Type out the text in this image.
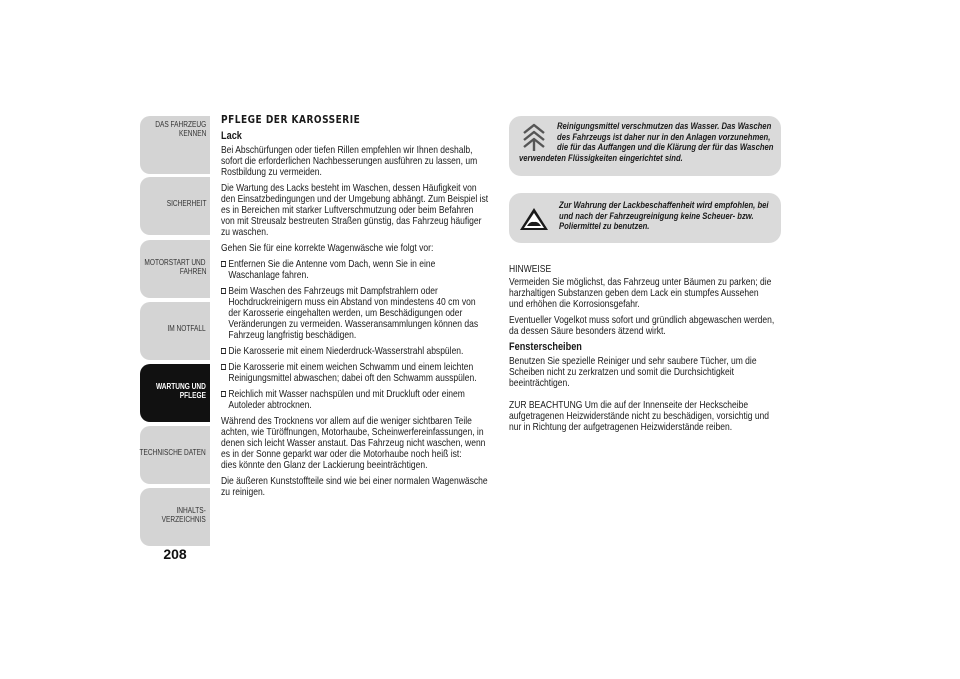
DAS FAHRZEUG
KENNEN
SICHERHEIT
MOTORSTART UND
FAHREN
IM NOTFALL
WARTUNG UND
PFLEGE
TECHNISCHE DATEN
INHALTS-
VERZEICHNIS
208
PFLEGE DER KAROSSERIE
Lack

Bei Abschürfungen oder tiefen Rillen empfehlen wir Ihnen deshalb,
sofort die erforderlichen Nachbesserungen ausführen zu lassen, um
Rostbildung zu vermeiden.

Die Wartung des Lacks besteht im Waschen, dessen Häufigkeit von
den Einsatzbedingungen und der Umgebung abhängt. Zum Beispiel ist
es in Bereichen mit starker Luftverschmutzung oder beim Befahren
von mit Streusalz bestreuten Straßen günstig, das Fahrzeug häufiger
zu waschen.

Gehen Sie für eine korrekte Wagenwäsche wie folgt vor:

Entfernen Sie die Antenne vom Dach, wenn Sie in eine
Waschanlage fahren.
Beim Waschen des Fahrzeugs mit Dampfstrahlern oder
Hochdruckreinigern muss ein Abstand von mindestens 40 cm von
der Karosserie eingehalten werden, um Beschädigungen oder
Veränderungen zu vermeiden. Wasseransammlungen können das
Fahrzeug langfristig beschädigen.
Die Karosserie mit einem Niederdruck-Wasserstrahl abspülen.
Die Karosserie mit einem weichen Schwamm und einem leichten
Reinigungsmittel abwaschen; dabei oft den Schwamm ausspülen.
Reichlich mit Wasser nachspülen und mit Druckluft oder einem
Autoleder abtrocknen.

Während des Trocknens vor allem auf die weniger sichtbaren Teile
achten, wie Türöffnungen, Motorhaube, Scheinwerfereinfassungen, in
denen sich leicht Wasser anstaut. Das Fahrzeug nicht waschen, wenn
es in der Sonne geparkt war oder die Motorhaube noch heiß ist:
dies könnte den Glanz der Lackierung beeinträchtigen.

Die äußeren Kunststoffteile sind wie bei einer normalen Wagenwäsche
zu reinigen.

Reinigungsmittel verschmutzen das Wasser. Das Waschen
des Fahrzeugs ist daher nur in den Anlagen vorzunehmen,
die für das Auffangen und die Klärung der für das Waschen
verwendeten Flüssigkeiten eingerichtet sind.
Zur Wahrung der Lackbeschaffenheit wird empfohlen, bei
und nach der Fahrzeugreinigung keine Scheuer- bzw.
Poliermittel zu benutzen.

HINWEISE

Vermeiden Sie möglichst, das Fahrzeug unter Bäumen zu parken; die
harzhaltigen Substanzen geben dem Lack ein stumpfes Aussehen
und erhöhen die Korrosionsgefahr.

Eventueller Vogelkot muss sofort und gründlich abgewaschen werden,
da dessen Säure besonders ätzend wirkt.

Fensterscheiben

Benutzen Sie spezielle Reiniger und sehr saubere Tücher, um die
Scheiben nicht zu zerkratzen und somit die Durchsichtigkeit
beeinträchtigen.

ZUR BEACHTUNG Um die auf der Innenseite der Heckscheibe
aufgetragenen Heizwiderstände nicht zu beschädigen, vorsichtig und
nur in Richtung der aufgetragenen Heizwiderstände reiben.
